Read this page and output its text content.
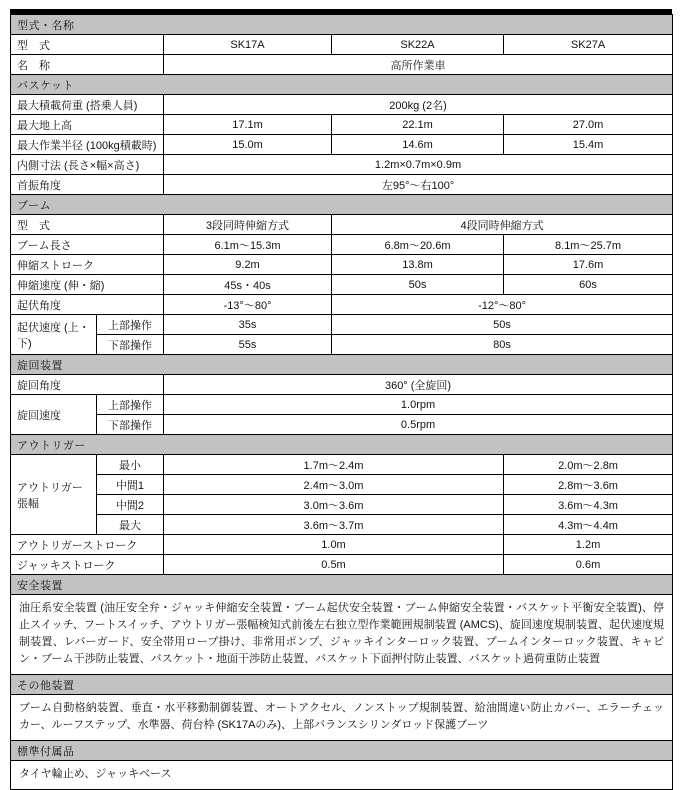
型式・名称				
型　式		SK17A	SK22A	SK27A
名　称		高所作業車		
バスケット				
最大積載荷重 (搭乗人員)		200kg (2名)		
最大地上高		17.1m	22.1m	27.0m
最大作業半径 (100kg積載時)		15.0m	14.6m	15.4m
内側寸法 (長さ×幅×高さ)		1.2m×0.7m×0.9m		
首振角度		左95°～右100°		
ブーム				
型　式		3段同時伸縮方式	4段同時伸縮方式	
ブーム長さ		6.1m～15.3m	6.8m～20.6m	8.1m～25.7m
伸縮ストローク		9.2m	13.8m	17.6m
伸縮速度 (伸・縮)		45s・40s	50s	60s
起伏角度		-13°～80°	-12°～80°	
起伏速度 (上・下)	上部操作	35s	50s	
	下部操作	55s	80s	
旋回装置				
旋回角度		360° (全旋回)		
旋回速度	上部操作	1.0rpm		
	下部操作	0.5rpm		
アウトリガー				
アウトリガー張幅	最小	1.7m～2.4m		2.0m～2.8m
	中間1	2.4m～3.0m		2.8m～3.6m
	中間2	3.0m～3.6m		3.6m～4.3m
	最大	3.6m～3.7m		4.3m～4.4m
アウトリガーストローク		1.0m		1.2m
ジャッキストローク		0.5m		0.6m
安全装置				
油圧系安全装置 (油圧安全弁・ジャッキ伸縮安全装置・ブーム起伏安全装置・ブーム伸縮安全装置・バスケット平衡安全装置)、停止スイッチ、フートスイッチ、アウトリガー張幅検知式前後左右独立型作業範囲規制装置 (AMCS)、旋回速度規制装置、起伏速度規制装置、レバーガード、安全帯用ロープ掛け、非常用ポンプ、ジャッキインターロック装置、ブームインターロック装置、キャビン・ブーム干渉防止装置、バスケット・地面干渉防止装置、バスケット下面押付防止装置、バスケット過荷重防止装置				
その他装置				
ブーム自動格納装置、垂直・水平移動制御装置、オートアクセル、ノンストップ規制装置、給油間違い防止カバー、エラーチェッカー、ルーフステップ、水準器、荷台枠 (SK17Aのみ)、上部バランスシリンダロッド保護ブーツ				
標準付属品				
タイヤ輪止め、ジャッキベース				
